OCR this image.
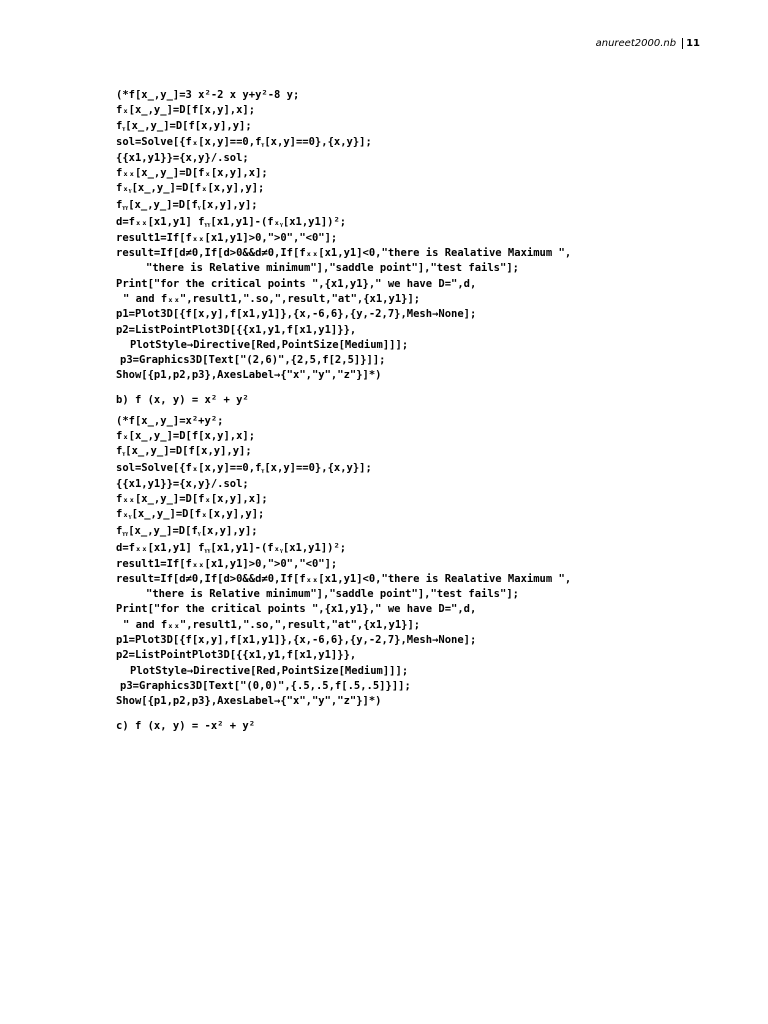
anureet2000.nb	11
(*f[x_,y_]=3 x²-2 x y+y²-8 y;
fₓ[x_,y_]=D[f[x,y],x];
fᵧ[x_,y_]=D[f[x,y],y];
sol=Solve[{fₓ[x,y]==0,fᵧ[x,y]==0},{x,y}];
{{x1,y1}}={x,y}/.sol;
fₓₓ[x_,y_]=D[fₓ[x,y],x];
fₓᵧ[x_,y_]=D[fₓ[x,y],y];
fᵧᵧ[x_,y_]=D[fᵧ[x,y],y];
d=fₓₓ[x1,y1] fᵧᵧ[x1,y1]-(fₓᵧ[x1,y1])²;
result1=If[fₓₓ[x1,y1]>0,">0","<0"];
result=If[d≠0,If[d>0&&d≠0,If[fₓₓ[x1,y1]<0,"there is Realative Maximum ",
"there is Relative minimum"],"saddle point"],"test fails"];
Print["for the critical points ",{x1,y1}," we have D=",d,
" and fₓₓ",result1,".so,",result,"at",{x1,y1}];
p1=Plot3D[{f[x,y],f[x1,y1]},{x,-6,6},{y,-2,7},Mesh→None];
p2=ListPointPlot3D[{{x1,y1,f[x1,y1]}},
PlotStyle→Directive[Red,PointSize[Medium]]];
p3=Graphics3D[Text["(2,6)",{2,5,f[2,5]}]];
Show[{p1,p2,p3},AxesLabel→{"x","y","z"}]*)
b) f (x, y) = x² + y²
(*f[x_,y_]=x²+y²;
fₓ[x_,y_]=D[f[x,y],x];
fᵧ[x_,y_]=D[f[x,y],y];
sol=Solve[{fₓ[x,y]==0,fᵧ[x,y]==0},{x,y}];
{{x1,y1}}={x,y}/.sol;
fₓₓ[x_,y_]=D[fₓ[x,y],x];
fₓᵧ[x_,y_]=D[fₓ[x,y],y];
fᵧᵧ[x_,y_]=D[fᵧ[x,y],y];
d=fₓₓ[x1,y1] fᵧᵧ[x1,y1]-(fₓᵧ[x1,y1])²;
result1=If[fₓₓ[x1,y1]>0,">0","<0"];
result=If[d≠0,If[d>0&&d≠0,If[fₓₓ[x1,y1]<0,"there is Realative Maximum ",
"there is Relative minimum"],"saddle point"],"test fails"];
Print["for the critical points ",{x1,y1}," we have D=",d,
" and fₓₓ",result1,".so,",result,"at",{x1,y1}];
p1=Plot3D[{f[x,y],f[x1,y1]},{x,-6,6},{y,-2,7},Mesh→None];
p2=ListPointPlot3D[{{x1,y1,f[x1,y1]}},
PlotStyle→Directive[Red,PointSize[Medium]]];
p3=Graphics3D[Text["(0,0)",{.5,.5,f[.5,.5]}]];
Show[{p1,p2,p3},AxesLabel→{"x","y","z"}]*)
c) f (x, y) = -x² + y²
